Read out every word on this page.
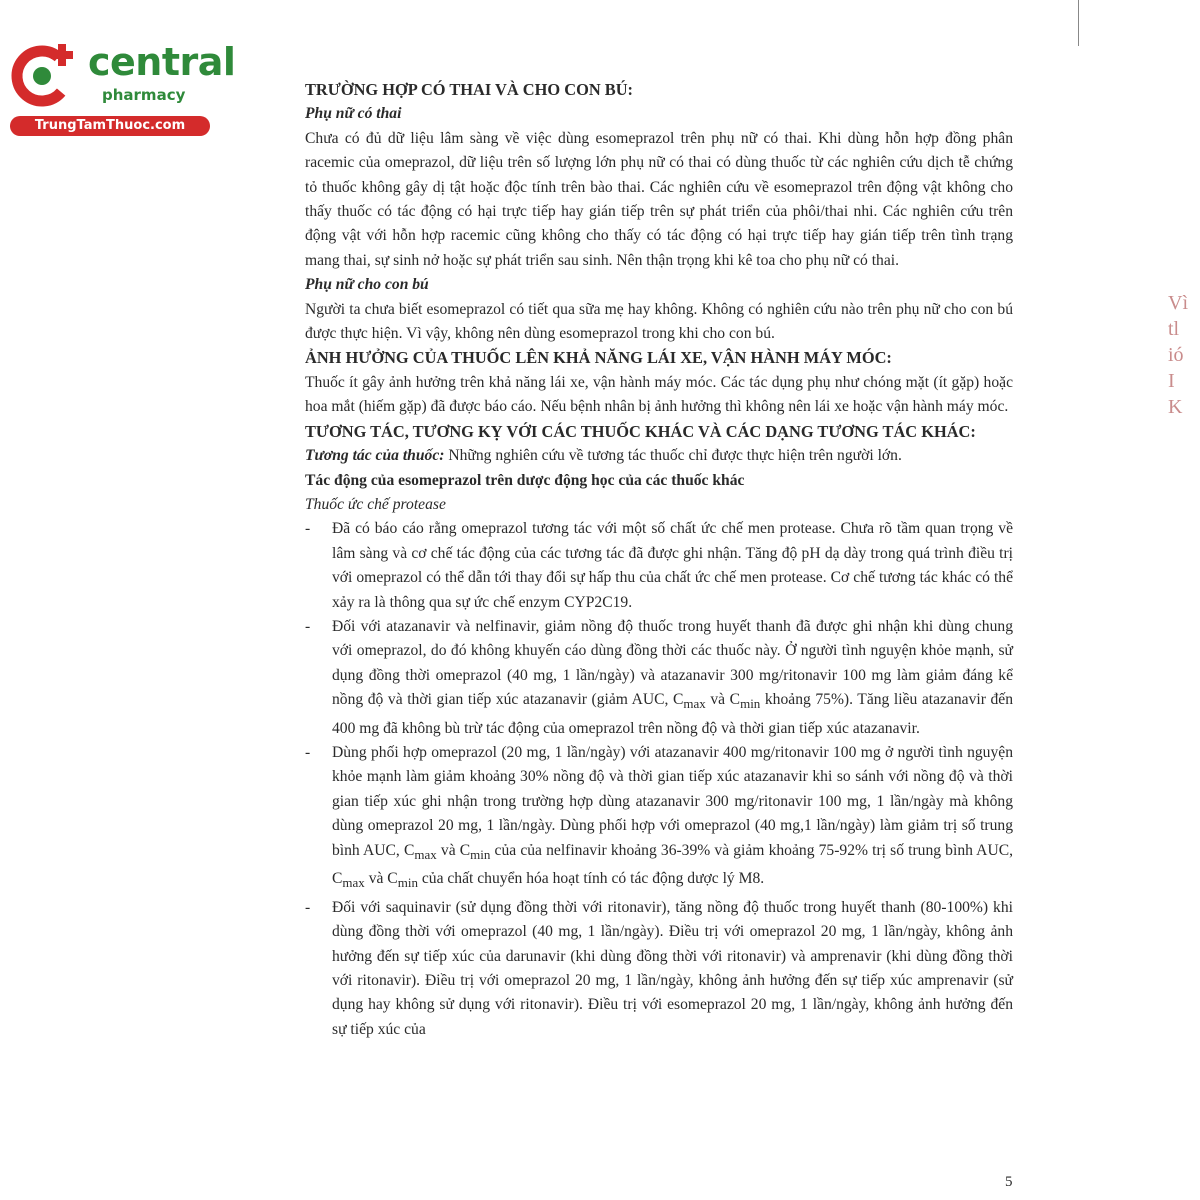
central
pharmacy
TrungTamThuoc.com
Vì
tl
ió
I
K

TRƯỜNG HỢP CÓ THAI VÀ CHO CON BÚ:

Phụ nữ có thai

Chưa có đủ dữ liệu lâm sàng về việc dùng esomeprazol trên phụ nữ có thai. Khi dùng hỗn hợp đồng phân racemic của omeprazol, dữ liệu trên số lượng lớn phụ nữ có thai có dùng thuốc từ các nghiên cứu dịch tễ chứng tỏ thuốc không gây dị tật hoặc độc tính trên bào thai. Các nghiên cứu về esomeprazol trên động vật không cho thấy thuốc có tác động có hại trực tiếp hay gián tiếp trên sự phát triển của phôi/thai nhi. Các nghiên cứu trên động vật với hỗn hợp racemic cũng không cho thấy có tác động có hại trực tiếp hay gián tiếp trên tình trạng mang thai, sự sinh nở hoặc sự phát triển sau sinh. Nên thận trọng khi kê toa cho phụ nữ có thai.

Phụ nữ cho con bú

Người ta chưa biết esomeprazol có tiết qua sữa mẹ hay không. Không có nghiên cứu nào trên phụ nữ cho con bú được thực hiện. Vì vậy, không nên dùng esomeprazol trong khi cho con bú.

ẢNH HƯỞNG CỦA THUỐC LÊN KHẢ NĂNG LÁI XE, VẬN HÀNH MÁY MÓC:

Thuốc ít gây ảnh hưởng trên khả năng lái xe, vận hành máy móc. Các tác dụng phụ như chóng mặt (ít gặp) hoặc hoa mắt (hiếm gặp) đã được báo cáo. Nếu bệnh nhân bị ảnh hưởng thì không nên lái xe hoặc vận hành máy móc.

TƯƠNG TÁC, TƯƠNG KỴ VỚI CÁC THUỐC KHÁC VÀ CÁC DẠNG TƯƠNG TÁC KHÁC:

Tương tác của thuốc: Những nghiên cứu về tương tác thuốc chỉ được thực hiện trên người lớn.

Tác động của esomeprazol trên dược động học của các thuốc khác

Thuốc ức chế protease

-	Đã có báo cáo rằng omeprazol tương tác với một số chất ức chế men protease. Chưa rõ tầm quan trọng về lâm sàng và cơ chế tác động của các tương tác đã được ghi nhận. Tăng độ pH dạ dày trong quá trình điều trị với omeprazol có thể dẫn tới thay đổi sự hấp thu của chất ức chế men protease. Cơ chế tương tác khác có thể xảy ra là thông qua sự ức chế enzym CYP2C19.
-	Đối với atazanavir và nelfinavir, giảm nồng độ thuốc trong huyết thanh đã được ghi nhận khi dùng chung với omeprazol, do đó không khuyến cáo dùng đồng thời các thuốc này. Ở người tình nguyện khỏe mạnh, sử dụng đồng thời omeprazol (40 mg, 1 lần/ngày) và atazanavir 300 mg/ritonavir 100 mg làm giảm đáng kể nồng độ và thời gian tiếp xúc atazanavir (giảm AUC, $C_{max}$ và $C_{min}$ khoảng 75%). Tăng liều atazanavir đến 400 mg đã không bù trừ tác động của omeprazol trên nồng độ và thời gian tiếp xúc atazanavir.
-	Dùng phối hợp omeprazol (20 mg, 1 lần/ngày) với atazanavir 400 mg/ritonavir 100 mg ở người tình nguyện khỏe mạnh làm giảm khoảng 30% nồng độ và thời gian tiếp xúc atazanavir khi so sánh với nồng độ và thời gian tiếp xúc ghi nhận trong trường hợp dùng atazanavir 300 mg/ritonavir 100 mg, 1 lần/ngày mà không dùng omeprazol 20 mg, 1 lần/ngày. Dùng phối hợp với omeprazol (40 mg,1 lần/ngày) làm giảm trị số trung bình AUC, $C_{max}$ và $C_{min}$ của của nelfinavir khoảng 36-39% và giảm khoảng 75-92% trị số trung bình AUC, $C_{max}$ và $C_{min}$ của chất chuyển hóa hoạt tính có tác động dược lý M8.
-	Đối với saquinavir (sử dụng đồng thời với ritonavir), tăng nồng độ thuốc trong huyết thanh (80-100%) khi dùng đồng thời với omeprazol (40 mg, 1 lần/ngày). Điều trị với omeprazol 20 mg, 1 lần/ngày, không ảnh hưởng đến sự tiếp xúc của darunavir (khi dùng đồng thời với ritonavir) và amprenavir (khi dùng đồng thời với ritonavir). Điều trị với omeprazol 20 mg, 1 lần/ngày, không ảnh hưởng đến sự tiếp xúc amprenavir (sử dụng hay không sử dụng với ritonavir). Điều trị với esomeprazol 20 mg, 1 lần/ngày, không ảnh hưởng đến sự tiếp xúc của
5
